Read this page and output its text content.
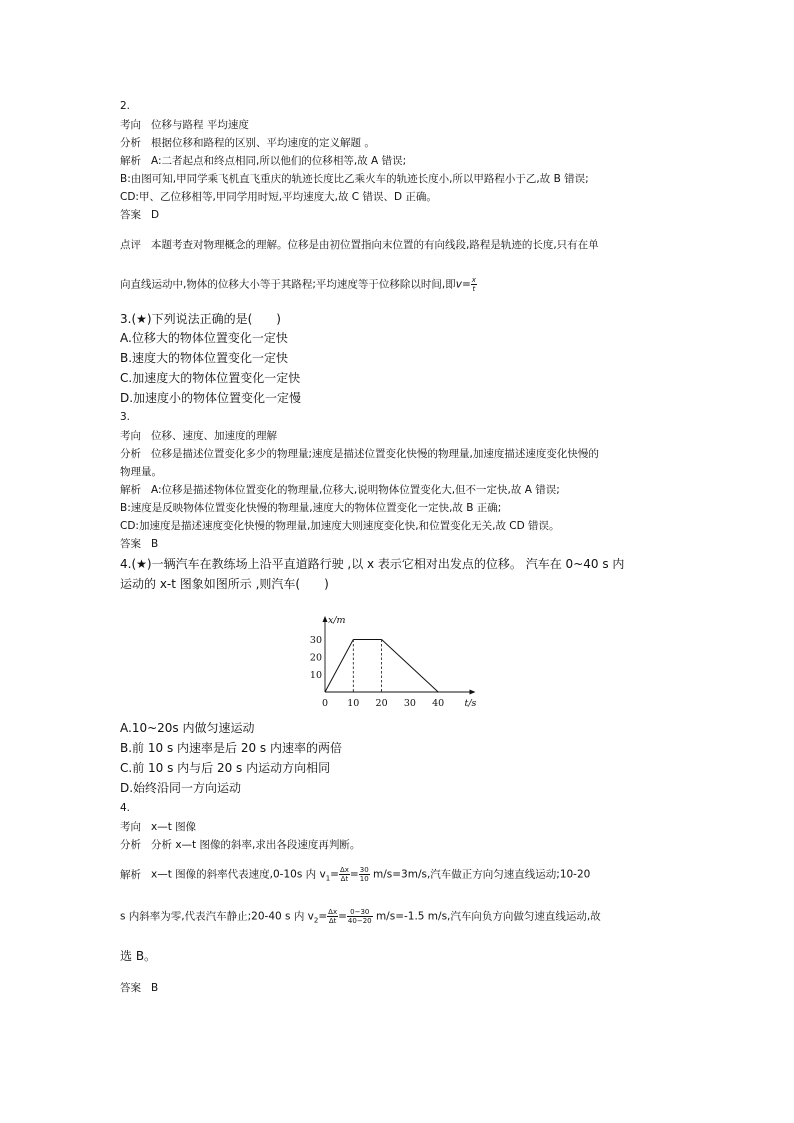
2.
考向 位移与路程 平均速度
分析 根据位移和路程的区别、平均速度的定义解题 。
解析 A:二者起点和终点相同,所以他们的位移相等,故 A 错误;
B:由图可知,甲同学乘飞机直飞重庆的轨迹长度比乙乘火车的轨迹长度小,所以甲路程小于乙,故 B 错误;
CD:甲、乙位移相等,甲同学用时短,平均速度大,故 C 错误、D 正确。
答案 D
点评 本题考查对物理概念的理解。位移是由初位置指向末位置的有向线段,路程是轨迹的长度,只有在单
向直线运动中,物体的位移大小等于其路程;平均速度等于位移除以时间,即$v= \frac{x}{t}$
3.(★)下列说法正确的是(　　)
A.位移大的物体位置变化一定快
B.速度大的物体位置变化一定快
C.加速度大的物体位置变化一定快
D.加速度小的物体位置变化一定慢
3.
考向 位移、速度、加速度的理解
分析 位移是描述位置变化多少的物理量;速度是描述位置变化快慢的物理量,加速度描述速度变化快慢的
物理量。
解析 A:位移是描述物体位置变化的物理量,位移大,说明物体位置变化大,但不一定快,故 A 错误;
B:速度是反映物体位置变化快慢的物理量,速度大的物体位置变化一定快,故 B 正确;
CD:加速度是描述速度变化快慢的物理量,加速度大则速度变化快,和位置变化无关,故 CD 错误。
答案 B
4.(★)一辆汽车在教练场上沿平直道路行驶 ,以 x 表示它相对出发点的位移。 汽车在 0~40 s 内
运动的 x-t 图象如图所示 ,则汽车(　　)
0 10 20 30 40
10
20
30
x/m
t/s
A.10~20s 内做匀速运动
B.前 10 s 内速率是后 20 s 内速率的两倍
C.前 10 s 内与后 20 s 内运动方向相同
D.始终沿同一方向运动
4.
考向 x—t 图像
分析 分析 x—t 图像的斜率,求出各段速度再判断。
解析 x—t 图像的斜率代表速度,0-10s 内 $v_1= \frac{\Delta x}{\Delta t} = \frac{30}{10} m/s=3m/s$,汽车做正方向匀速直线运动;10-20
s 内斜率为零,代表汽车静止;20-40 s 内 $v_2= \frac{\Delta x}{\Delta t} = \frac{0-30}{40-20} m/s=-1.5$ m/s,汽车向负方向做匀速直线运动,故
选 B。
答案 B
